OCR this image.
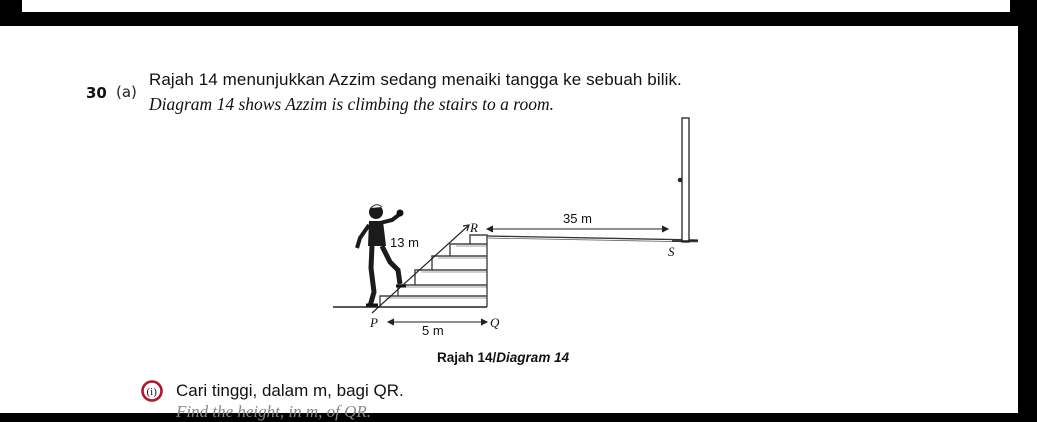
30 (a)
Rajah 14 menunjukkan Azzim sedang menaiki tangga ke sebuah bilik.
Diagram 14 shows Azzim is climbing the stairs to a room.
R
S
P	Q
35 m
13 m
5 m
Rajah 14/Diagram 14
(i) Cari tinggi, dalam m, bagi QR.
Find the height, in m, of QR.
